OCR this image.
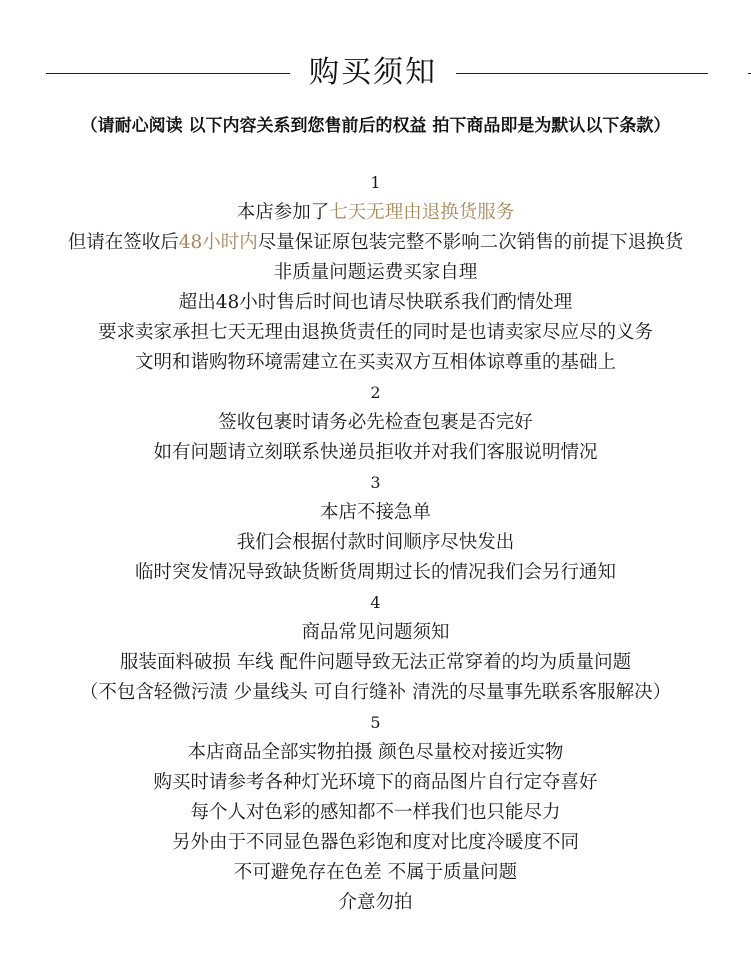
购买须知
（请耐心阅读 以下内容关系到您售前后的权益 拍下商品即是为默认以下条款）
1
本店参加了七天无理由退换货服务
但请在签收后48小时内尽量保证原包装完整不影响二次销售的前提下退换货
非质量问题运费买家自理
超出48小时售后时间也请尽快联系我们酌情处理
要求卖家承担七天无理由退换货责任的同时是也请卖家尽应尽的义务
文明和谐购物环境需建立在买卖双方互相体谅尊重的基础上
2
签收包裹时请务必先检查包裹是否完好
如有问题请立刻联系快递员拒收并对我们客服说明情况
3
本店不接急单
我们会根据付款时间顺序尽快发出
临时突发情况导致缺货断货周期过长的情况我们会另行通知
4
商品常见问题须知
服装面料破损 车线 配件问题导致无法正常穿着的均为质量问题
（不包含轻微污渍 少量线头 可自行缝补 清洗的尽量事先联系客服解决）
5
本店商品全部实物拍摄 颜色尽量校对接近实物
购买时请参考各种灯光环境下的商品图片自行定夺喜好
每个人对色彩的感知都不一样我们也只能尽力
另外由于不同显色器色彩饱和度对比度冷暖度不同
不可避免存在色差 不属于质量问题
介意勿拍
